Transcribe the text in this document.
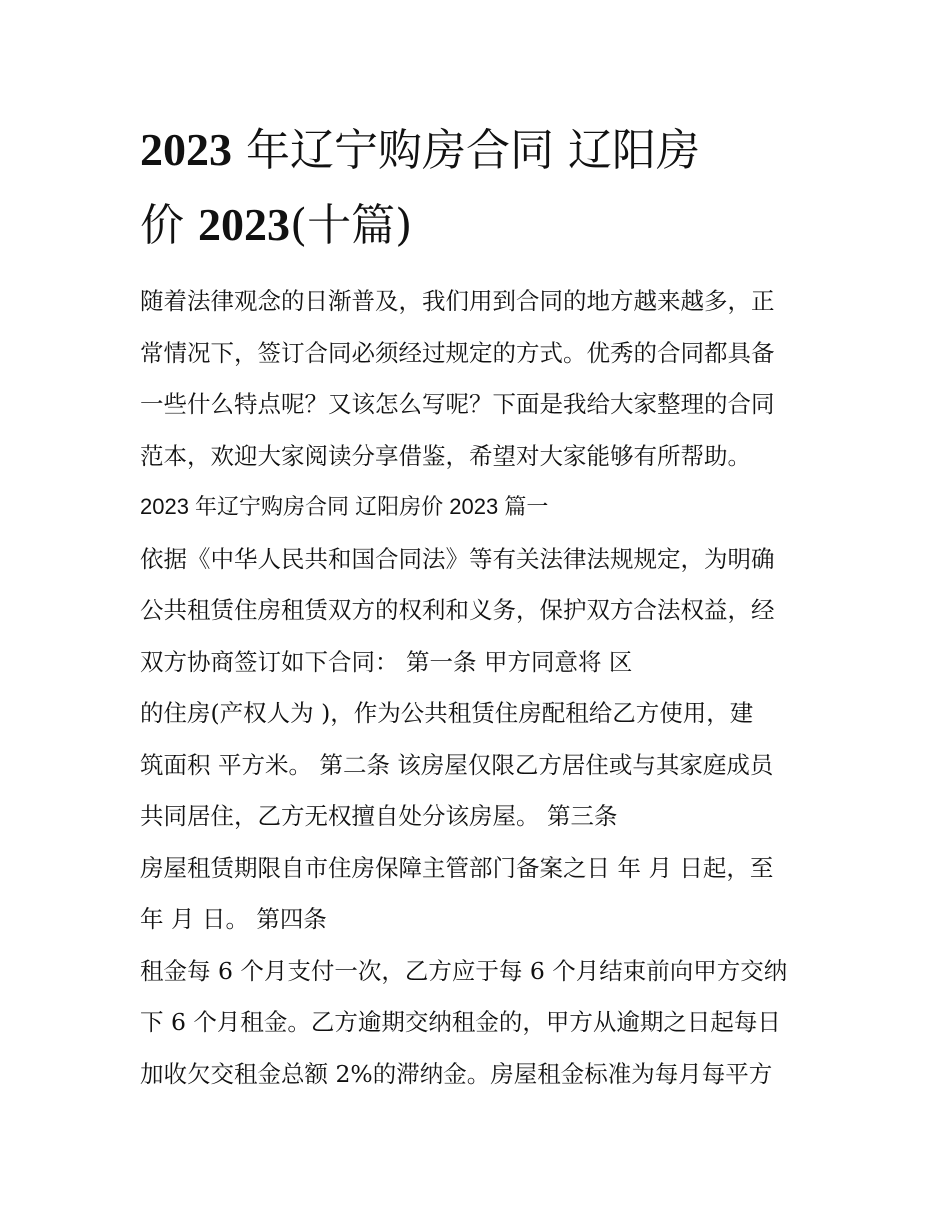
2023 年辽宁购房合同 辽阳房
价 2023(十篇)
随着法律观念的日渐普及，我们用到合同的地方越来越多，正
常情况下，签订合同必须经过规定的方式。优秀的合同都具备
一些什么特点呢？又该怎么写呢？下面是我给大家整理的合同
范本，欢迎大家阅读分享借鉴，希望对大家能够有所帮助。
2023 年辽宁购房合同 辽阳房价 2023 篇一
依据《中华人民共和国合同法》等有关法律法规规定，为明确
公共租赁住房租赁双方的权利和义务，保护双方合法权益，经
双方协商签订如下合同： 第一条 甲方同意将 区
的住房(产权人为 )，作为公共租赁住房配租给乙方使用，建
筑面积 平方米。 第二条 该房屋仅限乙方居住或与其家庭成员
共同居住，乙方无权擅自处分该房屋。 第三条
房屋租赁期限自市住房保障主管部门备案之日 年 月 日起，至
年 月 日。 第四条
租金每 6 个月支付一次，乙方应于每 6 个月结束前向甲方交纳
下 6 个月租金。乙方逾期交纳租金的，甲方从逾期之日起每日
加收欠交租金总额 2%的滞纳金。房屋租金标准为每月每平方
